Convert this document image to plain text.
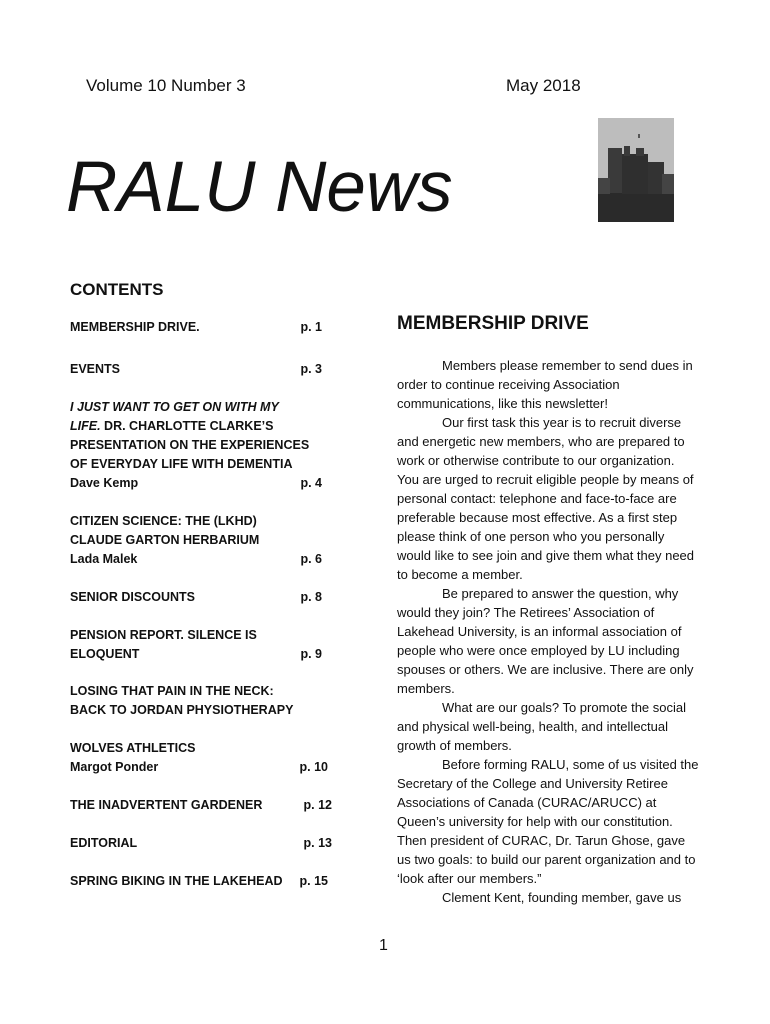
Volume 10 Number 3	May 2018
RALU News
CONTENTS
MEMBERSHIP DRIVE.	p. 1
EVENTS	p. 3
I JUST WANT TO GET ON WITH MY
LIFE. DR. CHARLOTTE CLARKE’S
PRESENTATION ON THE EXPERIENCES
OF EVERYDAY LIFE WITH DEMENTIA
Dave Kemp	p. 4
CITIZEN SCIENCE: THE (LKHD)
CLAUDE GARTON HERBARIUM
Lada Malek	p. 6
SENIOR DISCOUNTS	p. 8
PENSION REPORT. SILENCE IS
ELOQUENT	p. 9
LOSING THAT PAIN IN THE NECK:
BACK TO JORDAN PHYSIOTHERAPY
WOLVES ATHLETICS
Margot Ponder	p. 10
THE INADVERTENT GARDENER	p. 12
EDITORIAL	p. 13
SPRING BIKING IN THE LAKEHEAD	p. 15
MEMBERSHIP DRIVE

Members please remember to send dues in order to continue receiving Association communications, like this newsletter!

Our first task this year is to recruit diverse and energetic new members, who are prepared to work or otherwise contribute to our organization. You are urged to recruit eligible people by means of personal contact: telephone and face-to-face are preferable because most effective. As a first step please think of one person who you personally would like to see join and give them what they need to become a member.

Be prepared to answer the question, why would they join? The Retirees’ Association of Lakehead University, is an informal association of people who were once employed by LU including spouses or others. We are inclusive. There are only members.

What are our goals? To promote the social and physical well-being, health, and intellectual growth of members.

Before forming RALU, some of us visited the Secretary of the College and University Retiree Associations of Canada (CURAC/ARUCC) at Queen’s university for help with our constitution. Then president of CURAC, Dr. Tarun Ghose, gave us two goals: to build our parent organization and to ‘look after our members.”

Clement Kent, founding member, gave us

1
